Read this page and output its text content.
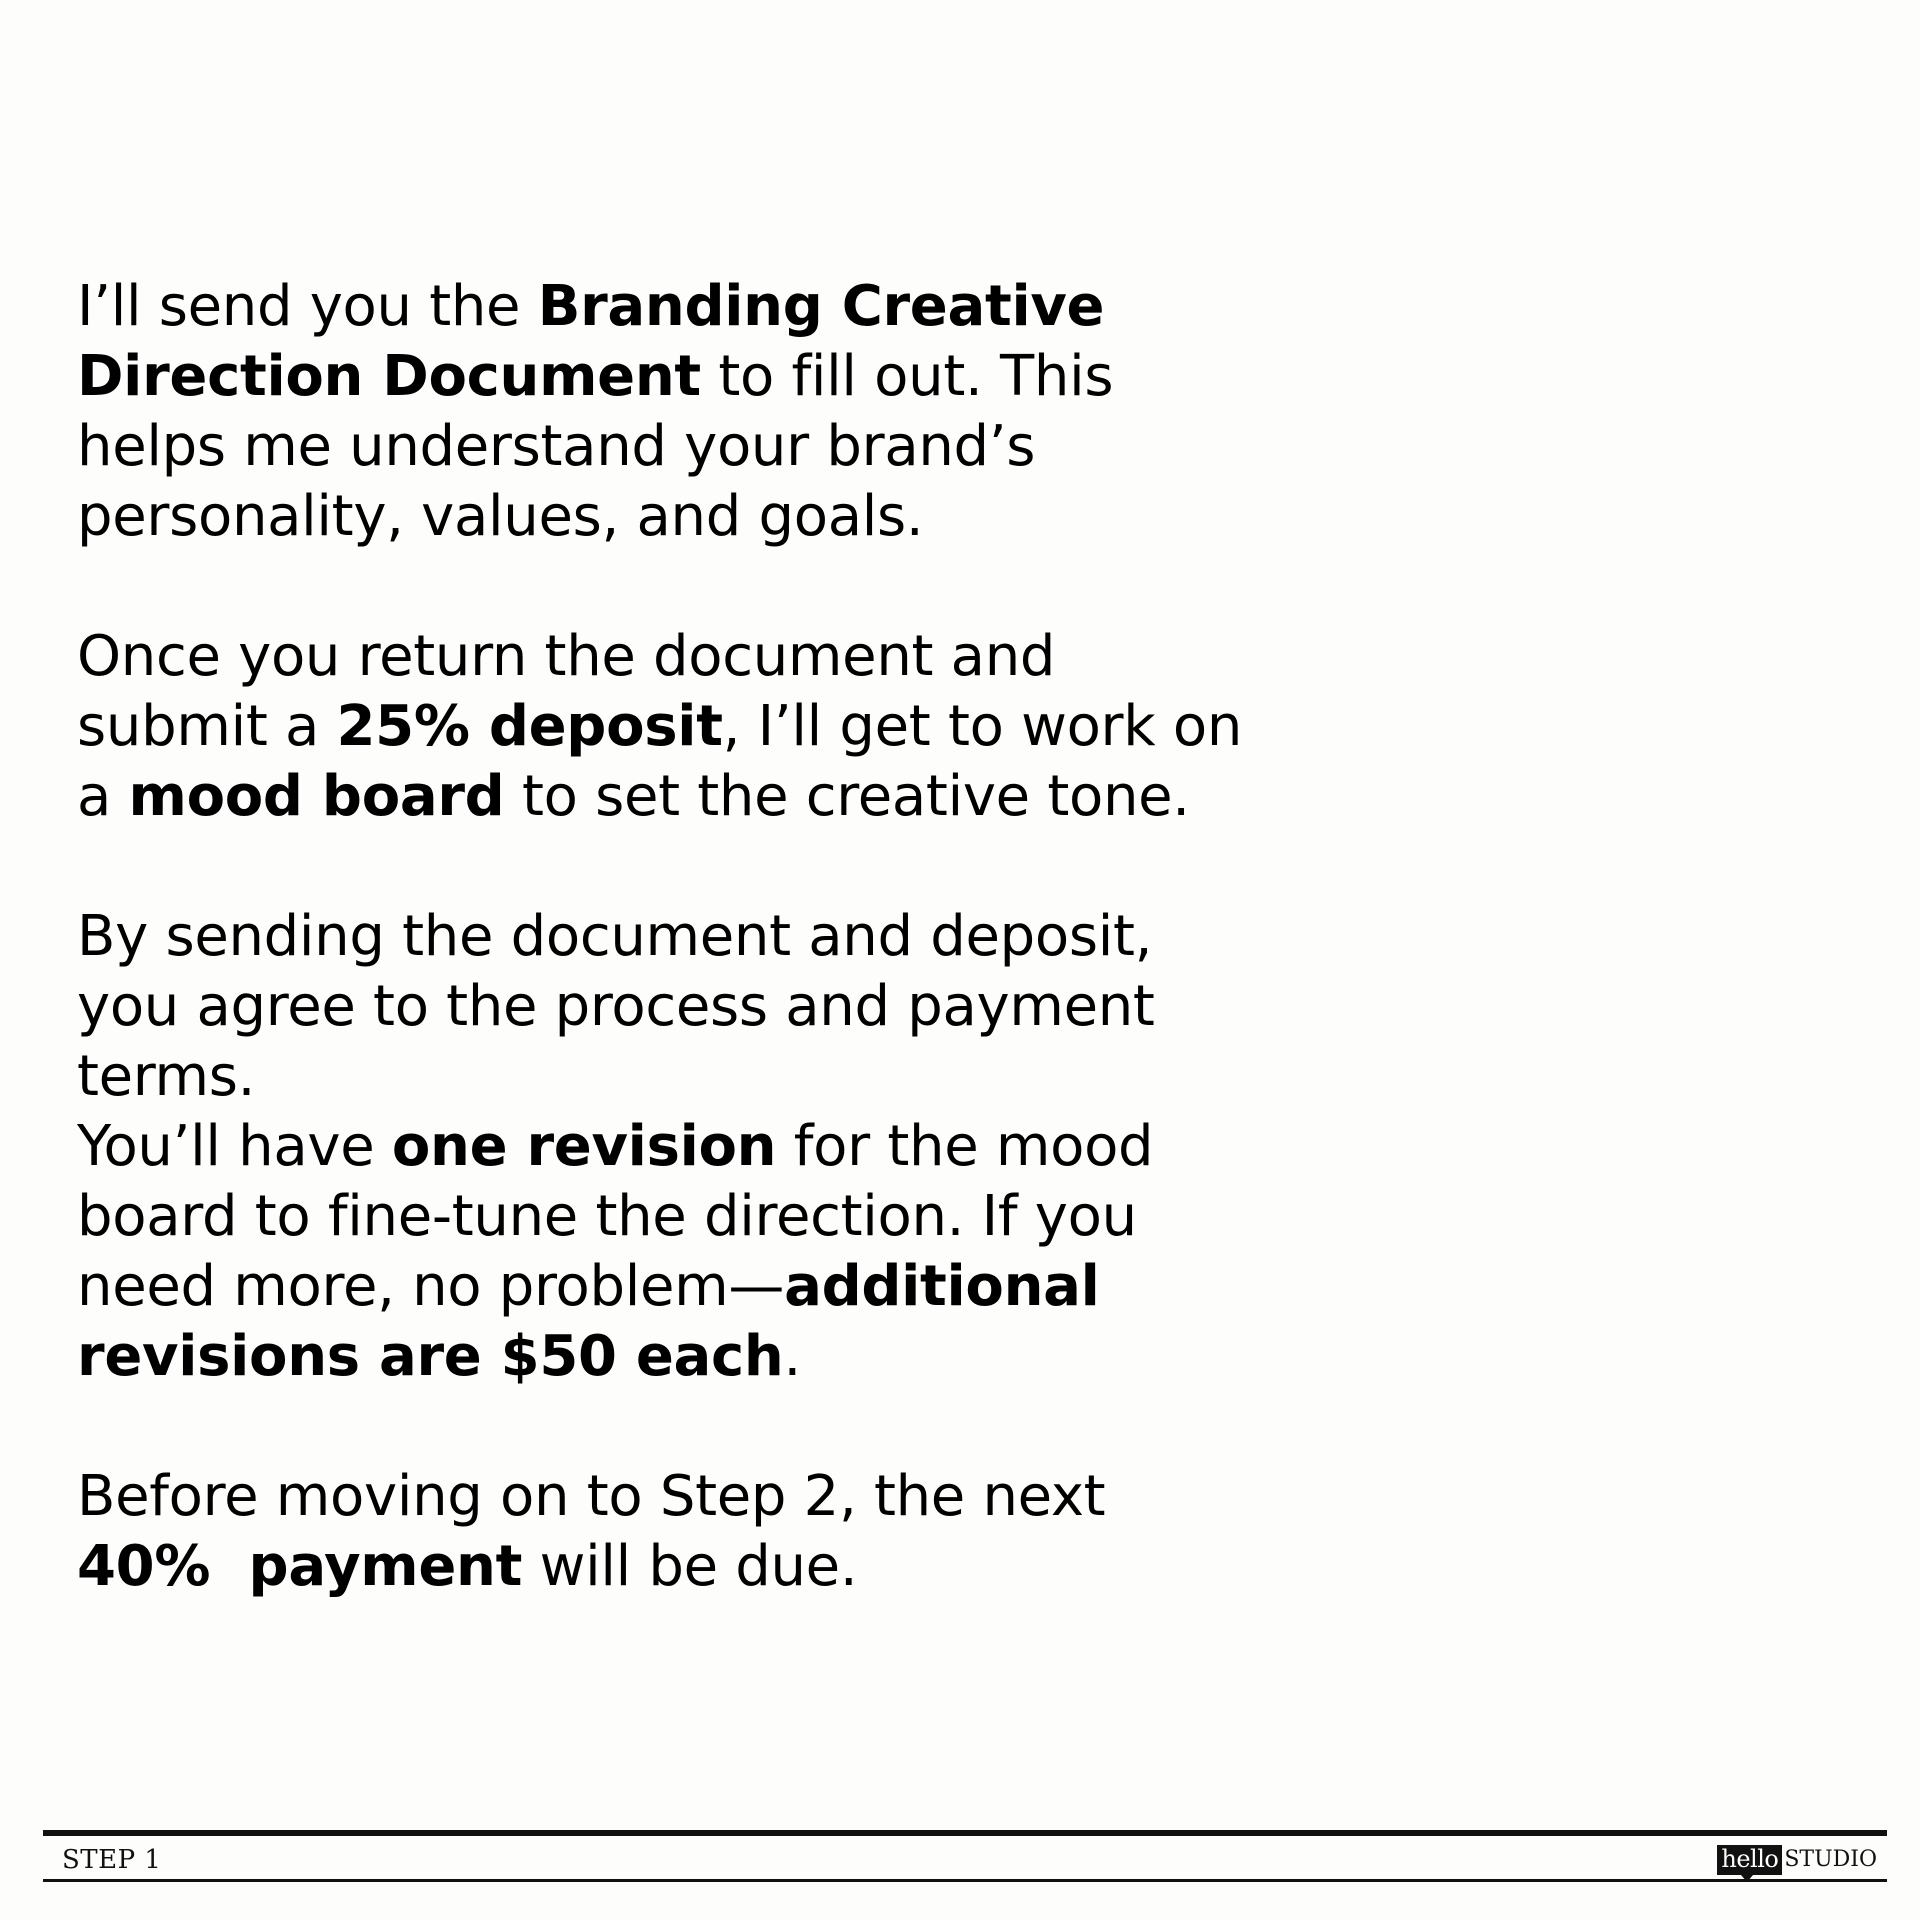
I’ll send you the Branding Creative
Direction Document to fill out. This
helps me understand your brand’s
personality, values, and goals.

Once you return the document and
submit a 25% deposit, I’ll get to work on
a mood board to set the creative tone.

By sending the document and deposit,
you agree to the process and payment
terms.
You’ll have one revision for the mood
board to fine-tune the direction. If you
need more, no problem—additional
revisions are $50 each.

Before moving on to Step 2, the next
40%  payment will be due.

STEP 1	hello STUDIO
